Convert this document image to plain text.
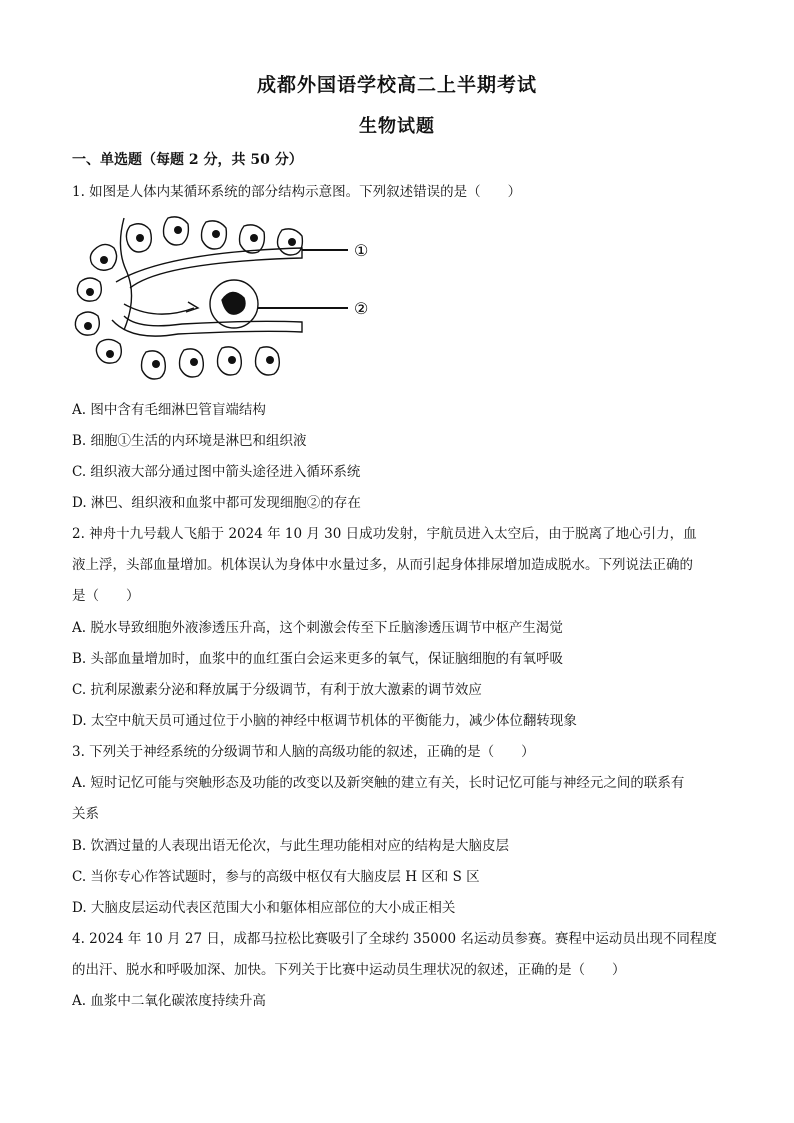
成都外国语学校高二上半期考试
生物试题
一、单选题（每题 2 分，共 50 分）
1. 如图是人体内某循环系统的部分结构示意图。下列叙述错误的是（　　）
①
②
A. 图中含有毛细淋巴管盲端结构
B. 细胞①生活的内环境是淋巴和组织液
C. 组织液大部分通过图中箭头途径进入循环系统
D. 淋巴、组织液和血浆中都可发现细胞②的存在
2. 神舟十九号载人飞船于 2024 年 10 月 30 日成功发射，宇航员进入太空后，由于脱离了地心引力，血
液上浮，头部血量增加。机体误认为身体中水量过多，从而引起身体排尿增加造成脱水。下列说法正确的
是（　　）
A. 脱水导致细胞外液渗透压升高，这个刺激会传至下丘脑渗透压调节中枢产生渴觉
B. 头部血量增加时，血浆中的血红蛋白会运来更多的氧气，保证脑细胞的有氧呼吸
C. 抗利尿激素分泌和释放属于分级调节，有利于放大激素的调节效应
D. 太空中航天员可通过位于小脑的神经中枢调节机体的平衡能力，减少体位翻转现象
3. 下列关于神经系统的分级调节和人脑的高级功能的叙述，正确的是（　　）
A. 短时记忆可能与突触形态及功能的改变以及新突触的建立有关，长时记忆可能与神经元之间的联系有
关系
B. 饮酒过量的人表现出语无伦次，与此生理功能相对应的结构是大脑皮层
C. 当你专心作答试题时，参与的高级中枢仅有大脑皮层 H 区和 S 区
D. 大脑皮层运动代表区范围大小和躯体相应部位的大小成正相关
4. 2024 年 10 月 27 日，成都马拉松比赛吸引了全球约 35000 名运动员参赛。赛程中运动员出现不同程度
的出汗、脱水和呼吸加深、加快。下列关于比赛中运动员生理状况的叙述，正确的是（　　）
A. 血浆中二氧化碳浓度持续升高
